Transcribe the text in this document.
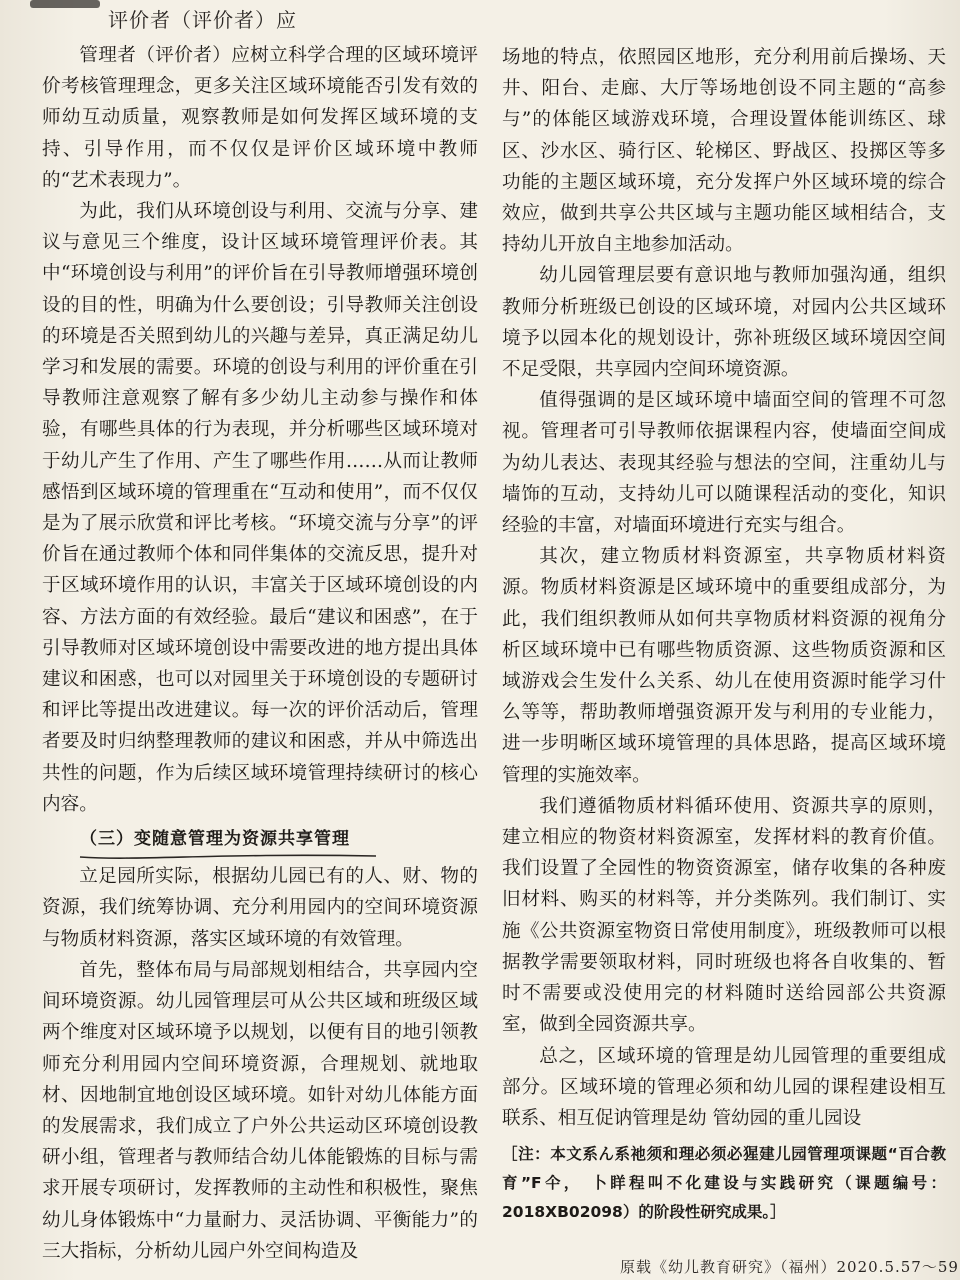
评价者（评价者）应

管理者（评价者）应树立科学合理的区域环境评价考核管理理念，更多关注区域环境能否引发有效的师幼互动质量，观察教师是如何发挥区域环境的支持、引导作用，而不仅仅是评价区域环境中教师的“艺术表现力”。

为此，我们从环境创设与利用、交流与分享、建议与意见三个维度，设计区域环境管理评价表。其中“环境创设与利用”的评价旨在引导教师增强环境创设的目的性，明确为什么要创设；引导教师关注创设的环境是否关照到幼儿的兴趣与差异，真正满足幼儿学习和发展的需要。环境的创设与利用的评价重在引导教师注意观察了解有多少幼儿主动参与操作和体验，有哪些具体的行为表现，并分析哪些区域环境对于幼儿产生了作用、产生了哪些作用……从而让教师感悟到区域环境的管理重在“互动和使用”，而不仅仅是为了展示欣赏和评比考核。“环境交流与分享”的评价旨在通过教师个体和同伴集体的交流反思，提升对于区域环境作用的认识，丰富关于区域环境创设的内容、方法方面的有效经验。最后“建议和困惑”，在于引导教师对区域环境创设中需要改进的地方提出具体建议和困惑，也可以对园里关于环境创设的专题研讨和评比等提出改进建议。每一次的评价活动后，管理者要及时归纳整理教师的建议和困惑，并从中筛选出共性的问题，作为后续区域环境管理持续研讨的核心内容。

（三）变随意管理为资源共享管理

立足园所实际，根据幼儿园已有的人、财、物的资源，我们统筹协调、充分利用园内的空间环境资源与物质材料资源，落实区域环境的有效管理。

首先，整体布局与局部规划相结合，共享园内空间环境资源。幼儿园管理层可从公共区域和班级区域两个维度对区域环境予以规划，以便有目的地引领教师充分利用园内空间环境资源，合理规划、就地取材、因地制宜地创设区域环境。如针对幼儿体能方面的发展需求，我们成立了户外公共运动区环境创设教研小组，管理者与教师结合幼儿体能锻炼的目标与需求开展专项研讨，发挥教师的主动性和积极性，聚焦幼儿身体锻炼中“力量耐力、灵活协调、平衡能力”的三大指标，分析幼儿园户外空间构造及

场地的特点，依照园区地形，充分利用前后操场、天井、阳台、走廊、大厅等场地创设不同主题的“高参与”的体能区域游戏环境，合理设置体能训练区、球区、沙水区、骑行区、轮梯区、野战区、投掷区等多功能的主题区域环境，充分发挥户外区域环境的综合效应，做到共享公共区域与主题功能区域相结合，支持幼儿开放自主地参加活动。

幼儿园管理层要有意识地与教师加强沟通，组织教师分析班级已创设的区域环境，对园内公共区域环境予以园本化的规划设计，弥补班级区域环境因空间不足受限，共享园内空间环境资源。

值得强调的是区域环境中墙面空间的管理不可忽视。管理者可引导教师依据课程内容，使墙面空间成为幼儿表达、表现其经验与想法的空间，注重幼儿与墙饰的互动，支持幼儿可以随课程活动的变化，知识经验的丰富，对墙面环境进行充实与组合。

其次，建立物质材料资源室，共享物质材料资源。物质材料资源是区域环境中的重要组成部分，为此，我们组织教师从如何共享物质材料资源的视角分析区域环境中已有哪些物质资源、这些物质资源和区域游戏会生发什么关系、幼儿在使用资源时能学习什么等等，帮助教师增强资源开发与利用的专业能力，进一步明晰区域环境管理的具体思路，提高区域环境管理的实施效率。

我们遵循物质材料循环使用、资源共享的原则，建立相应的物资材料资源室，发挥材料的教育价值。我们设置了全园性的物资资源室，储存收集的各种废旧材料、购买的材料等，并分类陈列。我们制订、实施《公共资源室物资日常使用制度》，班级教师可以根据教学需要领取材料，同时班级也将各自收集的、暂时不需要或没使用完的材料随时送给园部公共资源室，做到全园资源共享。

总之，区域环境的管理是幼儿园管理的重要组成部分。区域环境的管理必须和幼儿园的课程建设相互联系、相互促讷管理是幼 管幼园的重儿园设

［注：本文系ん系祂须和理必须必猩建儿园管理项课题“百合教育”F仐， 卜眻程叫不化建设与实践研究（课题编号：2018XB02098）的阶段性研究成果。］
原载《幼儿教育研究》（福州）2020.5.57～59
